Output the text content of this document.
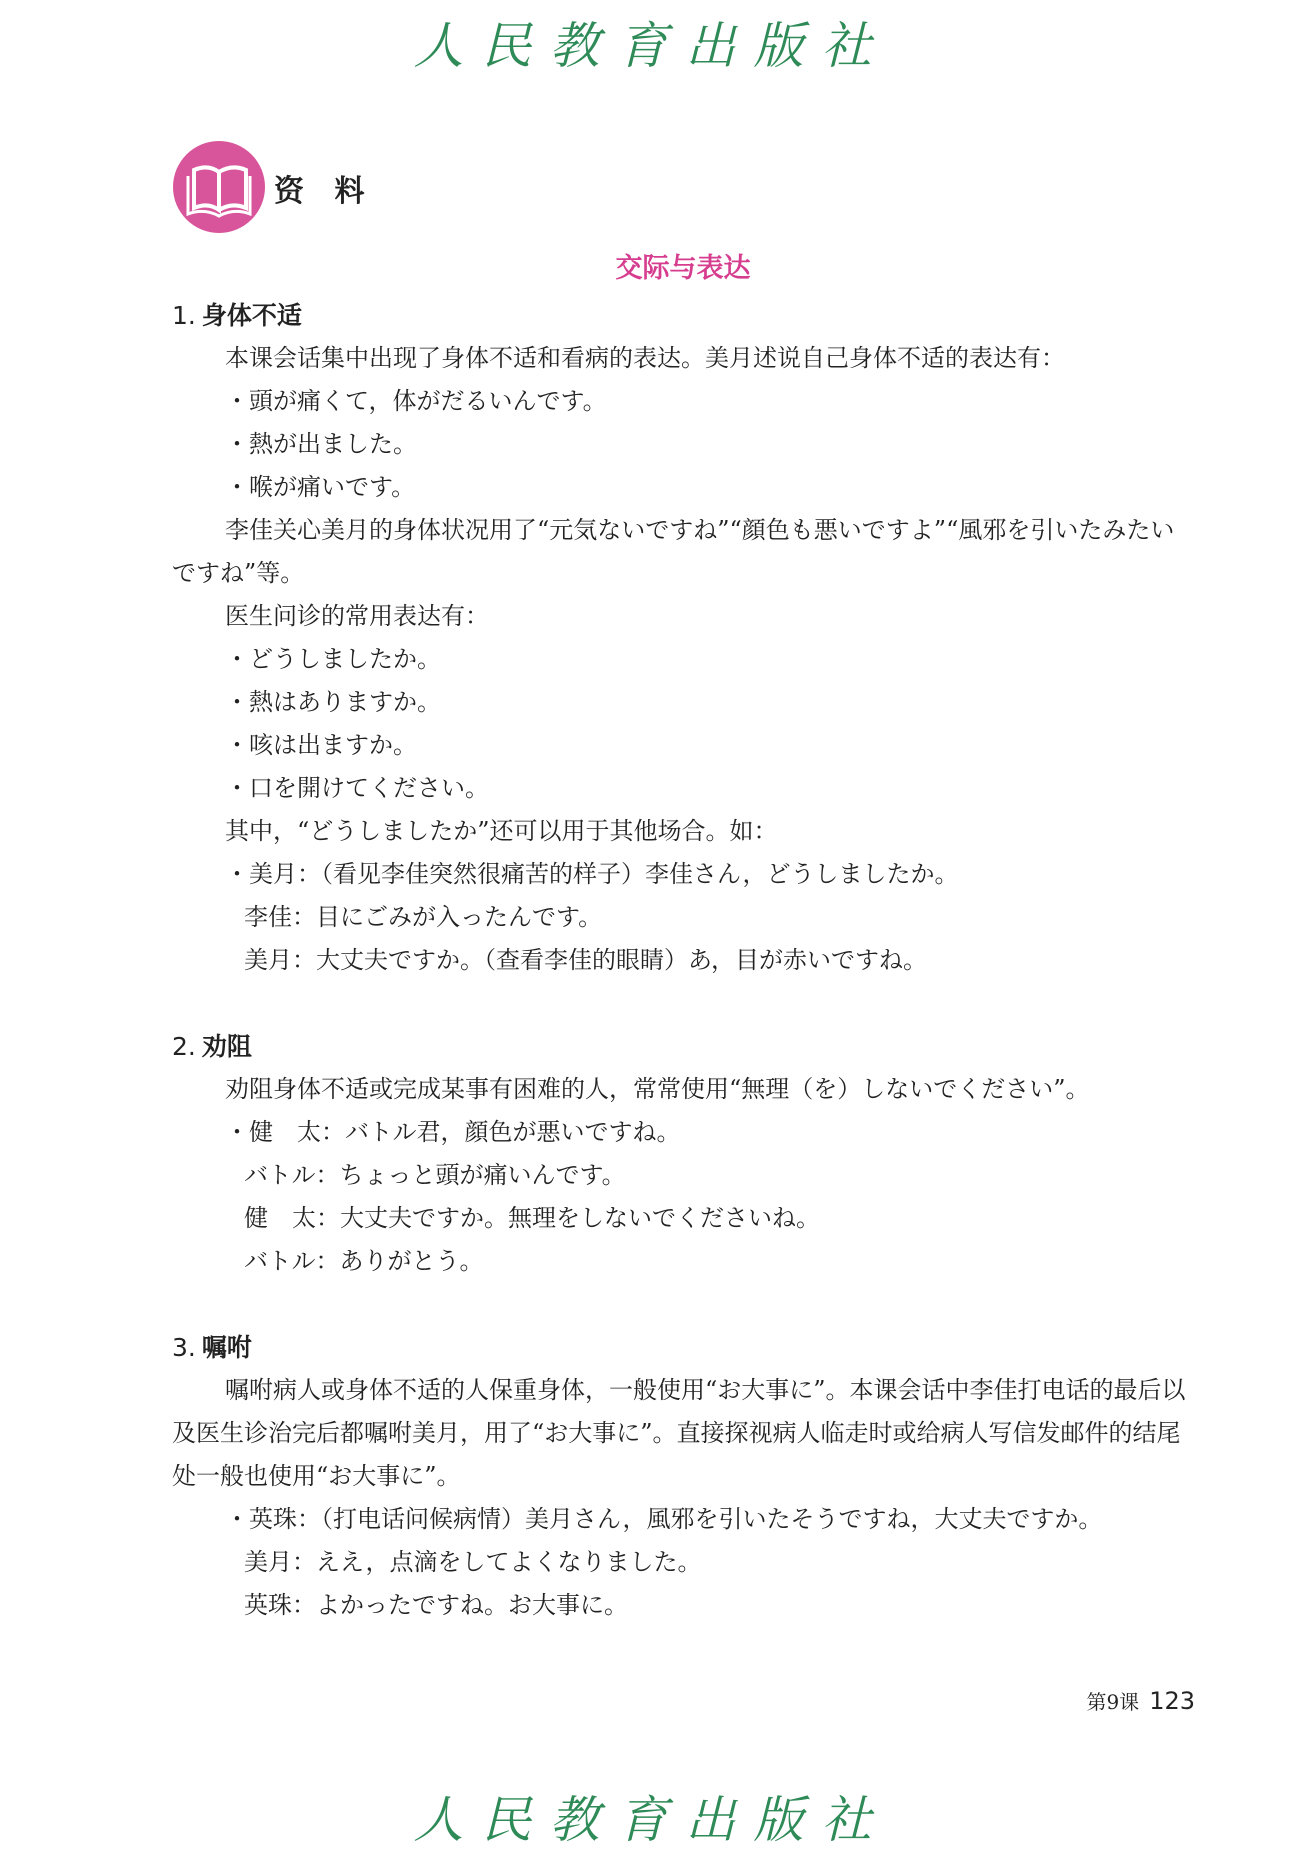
人民教育出版社
资 料
交际与表达

1. 身体不适

本课会话集中出现了身体不适和看病的表达。美月述说自己身体不适的表达有：

・頭が痛くて，体がだるいんです。

・熱が出ました。

・喉が痛いです。

李佳关心美月的身体状况用了“元気ないですね”“顔色も悪いですよ”“風邪を引いたみたいですね”等。

医生问诊的常用表达有：

・どうしましたか。

・熱はありますか。

・咳は出ますか。

・口を開けてください。

其中，“どうしましたか”还可以用于其他场合。如：

・美月：（看见李佳突然很痛苦的样子）李佳さん，どうしましたか。

李佳：目にごみが入ったんです。

美月：大丈夫ですか。（查看李佳的眼睛）あ，目が赤いですね。

2. 劝阻

劝阻身体不适或完成某事有困难的人，常常使用“無理（を）しないでください”。

・健　太：バトル君，顔色が悪いですね。

バトル：ちょっと頭が痛いんです。

健　太：大丈夫ですか。無理をしないでくださいね。

バトル：ありがとう。

3. 嘱咐

嘱咐病人或身体不适的人保重身体，一般使用“お大事に”。本课会话中李佳打电话的最后以及医生诊治完后都嘱咐美月，用了“お大事に”。直接探视病人临走时或给病人写信发邮件的结尾处一般也使用“お大事に”。

・英珠：（打电话问候病情）美月さん，風邪を引いたそうですね，大丈夫ですか。

美月：ええ，点滴をしてよくなりました。

英珠：よかったですね。お大事に。

第9课 123
人民教育出版社
